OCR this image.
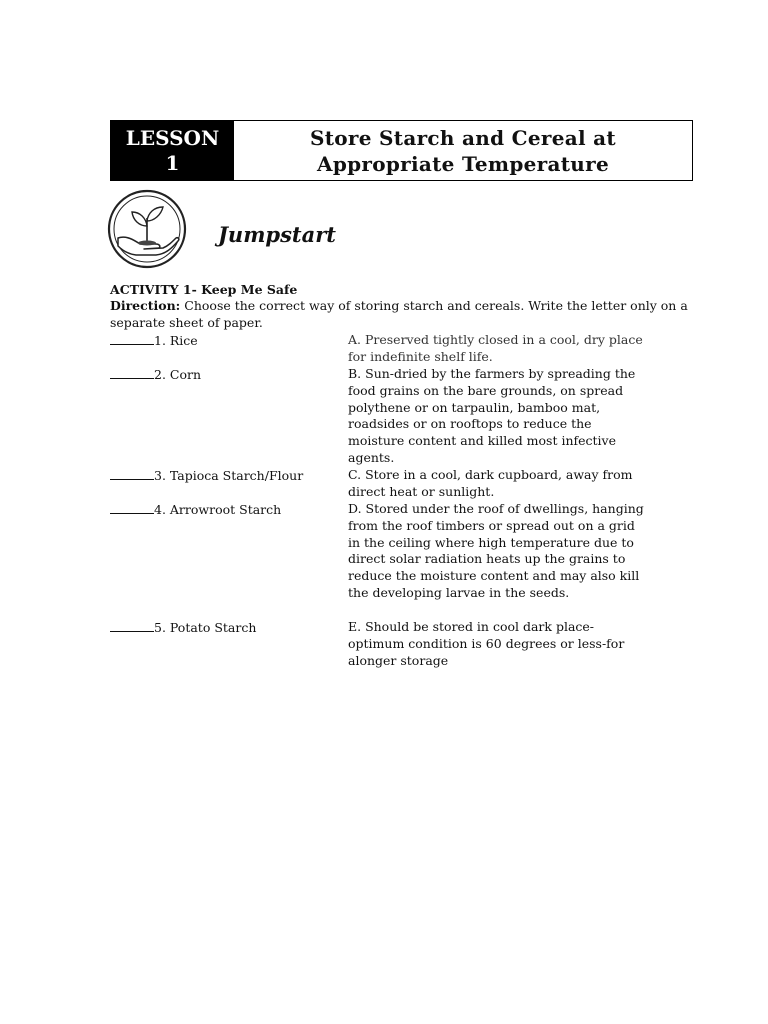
LESSON
1
Store Starch and Cereal at
Appropriate Temperature
Jumpstart
ACTIVITY 1- Keep Me Safe
Direction: Choose the correct way of storing starch and cereals. Write the letter only on a separate sheet of paper.
1. Rice	A. Preserved tightly closed in a cool, dry place for indefinite shelf life.
2. Corn	B. Sun-dried by the farmers by spreading the food grains on the bare grounds, on spread polythene or on tarpaulin, bamboo mat, roadsides or on rooftops to reduce the moisture content and killed most infective agents.
3. Tapioca Starch/Flour	C. Store in a cool, dark cupboard, away from direct heat or sunlight.
4. Arrowroot Starch	D. Stored under the roof of dwellings, hanging from the roof timbers or spread out on a grid in the ceiling where high temperature due to direct solar radiation heats up the grains to reduce the moisture content and may also kill the developing larvae in the seeds.
5. Potato Starch	E. Should be stored in cool dark place-optimum condition is 60 degrees or less-for alonger storage
